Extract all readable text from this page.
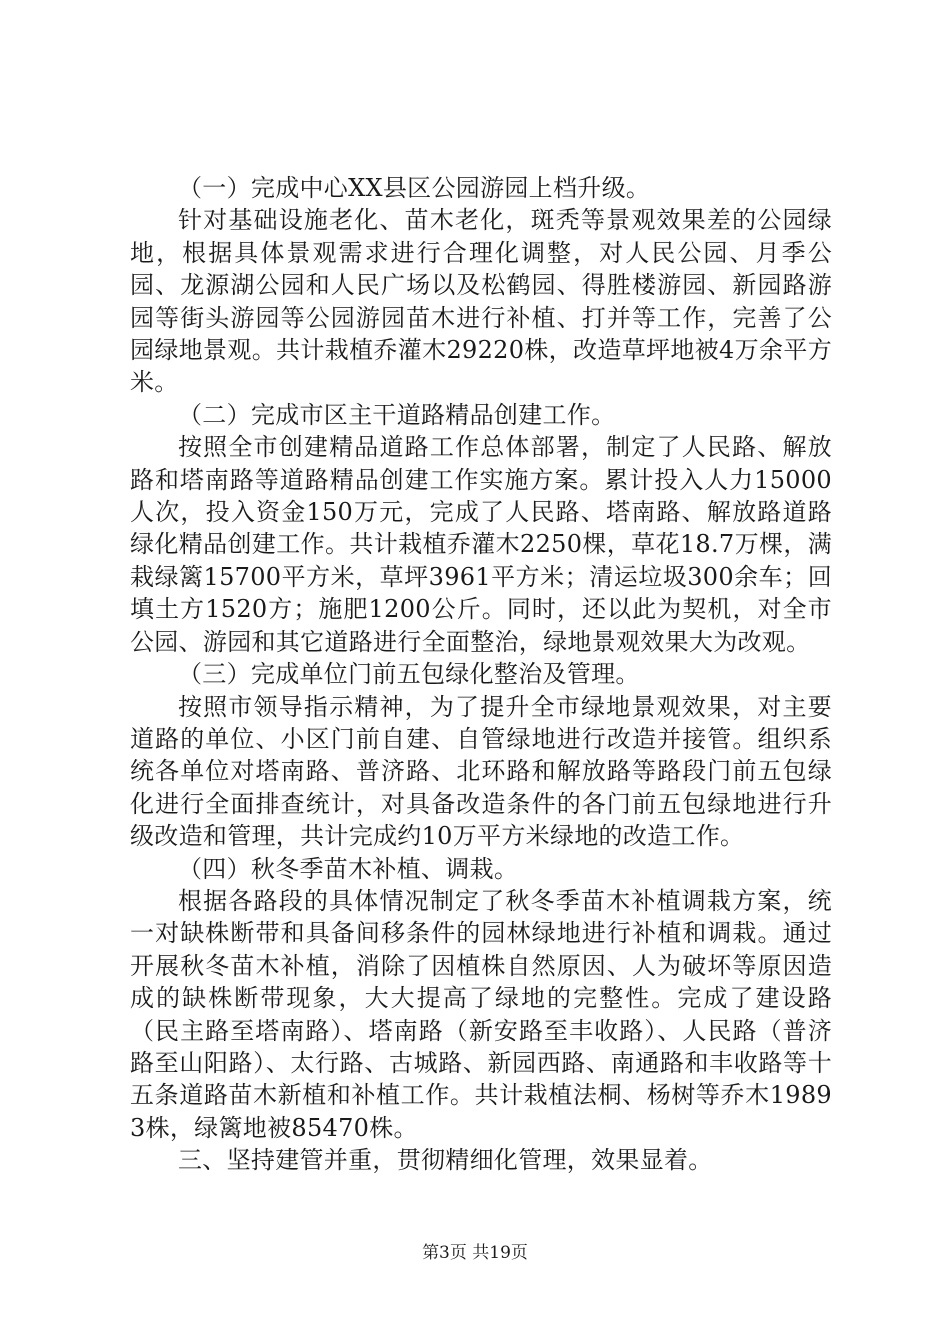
（一）完成中心XX县区公园游园上档升级。

针对基础设施老化、苗木老化，斑秃等景观效果差的公园绿地，根据具体景观需求进行合理化调整，对人民公园、月季公园、龙源湖公园和人民广场以及松鹤园、得胜楼游园、新园路游园等街头游园等公园游园苗木进行补植、打并等工作，完善了公园绿地景观。共计栽植乔灌木29220株，改造草坪地被4万余平方米。

（二）完成市区主干道路精品创建工作。

按照全市创建精品道路工作总体部署，制定了人民路、解放路和塔南路等道路精品创建工作实施方案。累计投入人力15000人次，投入资金150万元，完成了人民路、塔南路、解放路道路绿化精品创建工作。共计栽植乔灌木2250棵，草花18.7万棵，满栽绿篱15700平方米，草坪3961平方米；清运垃圾300余车；回填土方1520方；施肥1200公斤。同时，还以此为契机，对全市公园、游园和其它道路进行全面整治，绿地景观效果大为改观。

（三）完成单位门前五包绿化整治及管理。

按照市领导指示精神，为了提升全市绿地景观效果，对主要道路的单位、小区门前自建、自管绿地进行改造并接管。组织系统各单位对塔南路、普济路、北环路和解放路等路段门前五包绿化进行全面排查统计，对具备改造条件的各门前五包绿地进行升级改造和管理，共计完成约10万平方米绿地的改造工作。

（四）秋冬季苗木补植、调栽。

根据各路段的具体情况制定了秋冬季苗木补植调栽方案，统一对缺株断带和具备间移条件的园林绿地进行补植和调栽。通过开展秋冬苗木补植，消除了因植株自然原因、人为破坏等原因造成的缺株断带现象，大大提高了绿地的完整性。完成了建设路（民主路至塔南路）、塔南路（新安路至丰收路）、人民路（普济路至山阳路）、太行路、古城路、新园西路、南通路和丰收路等十五条道路苗木新植和补植工作。共计栽植法桐、杨树等乔木19893株，绿篱地被85470株。

三、坚持建管并重，贯彻精细化管理，效果显着。

第3页 共19页
